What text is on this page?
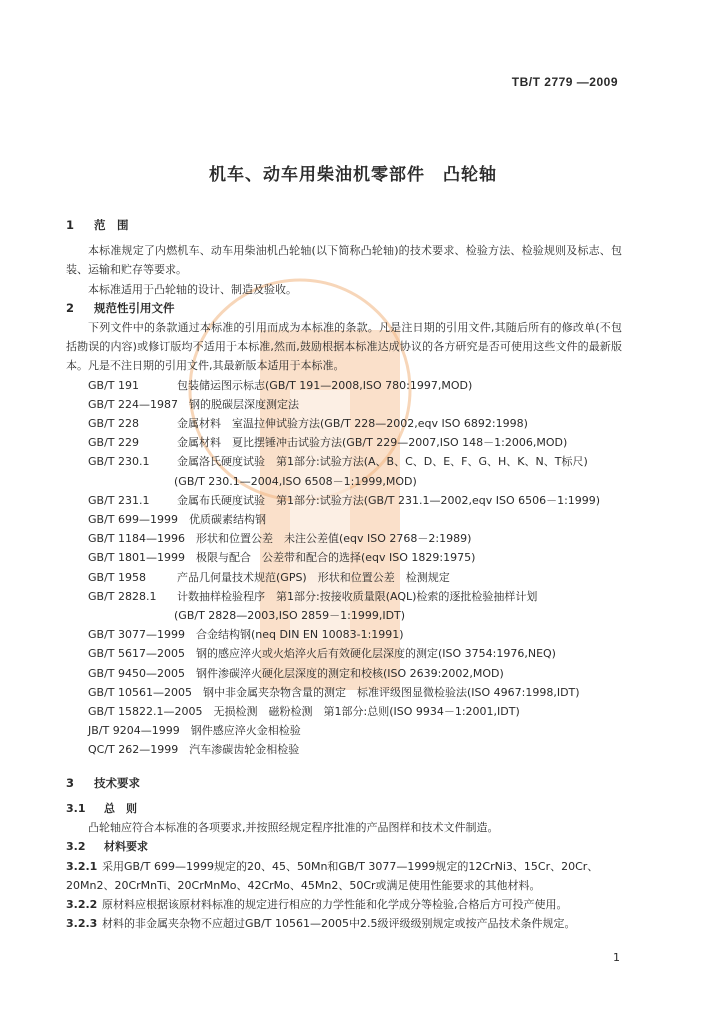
TB/T 2779 —2009
机车、动车用柴油机零部件　凸轮轴
1 范　围
本标准规定了内燃机车、动车用柴油机凸轮轴(以下简称凸轮轴)的技术要求、检验方法、检验规则及标志、包装、运输和贮存等要求。
本标准适用于凸轮轴的设计、制造及验收。
2 规范性引用文件
下列文件中的条款通过本标准的引用而成为本标准的条款。凡是注日期的引用文件,其随后所有的修改单(不包括勘误的内容)或修订版均不适用于本标准,然而,鼓励根据本标准达成协议的各方研究是否可使用这些文件的最新版本。凡是不注日期的引用文件,其最新版本适用于本标准。
GB/T 191　	包装储运图示标志(GB/T 191—2008,ISO 780:1997,MOD)
GB/T 224—1987　 钢的脱碳层深度测定法
GB/T 228　	金属材料　室温拉伸试验方法(GB/T 228—2002,eqv ISO 6892:1998)
GB/T 229　	金属材料　夏比摆锤冲击试验方法(GB/T 229—2007,ISO 148－1:2006,MOD)
GB/T 230.1　	金属洛氏硬度试验　第1部分:试验方法(A、B、C、D、E、F、G、H、K、N、T标尺)
(GB/T 230.1—2004,ISO 6508－1:1999,MOD)
GB/T 231.1　	金属布氏硬度试验　第1部分:试验方法(GB/T 231.1—2002,eqv ISO 6506－1:1999)
GB/T 699—1999　 优质碳素结构钢
GB/T 1184—1996　 形状和位置公差　未注公差值(eqv ISO 2768－2:1989)
GB/T 1801—1999　 极限与配合　公差带和配合的选择(eqv ISO 1829:1975)
GB/T 1958　	产品几何量技术规范(GPS)　形状和位置公差　检测规定
GB/T 2828.1　 计数抽样检验程序　第1部分:按接收质量限(AQL)检索的逐批检验抽样计划
(GB/T 2828—2003,ISO 2859－1:1999,IDT)
GB/T 3077—1999　 合金结构钢(neq DIN EN 10083-1:1991)
GB/T 5617—2005　 钢的感应淬火或火焰淬火后有效硬化层深度的测定(ISO 3754:1976,NEQ)
GB/T 9450—2005　 钢件渗碳淬火硬化层深度的测定和校核(ISO 2639:2002,MOD)
GB/T 10561—2005　 钢中非金属夹杂物含量的测定　标准评级图显微检验法(ISO 4967:1998,IDT)
GB/T 15822.1—2005　 无损检测　磁粉检测　第1部分:总则(ISO 9934－1:2001,IDT)
JB/T 9204—1999　 钢件感应淬火金相检验
QC/T 262—1999　 汽车渗碳齿轮金相检验
3 技术要求
3.1 总　则
凸轮轴应符合本标准的各项要求,并按照经规定程序批准的产品图样和技术文件制造。
3.2 材料要求
3.2.1 采用GB/T 699—1999规定的20、45、50Mn和GB/T 3077—1999规定的12CrNi3、15Cr、20Cr、
20Mn2、20CrMnTi、20CrMnMo、42CrMo、45Mn2、50Cr或满足使用性能要求的其他材料。
3.2.2 原材料应根据该原材料标准的规定进行相应的力学性能和化学成分等检验,合格后方可投产使用。
3.2.3 材料的非金属夹杂物不应超过GB/T 10561—2005中2.5级评级级别规定或按产品技术条件规定。
1
